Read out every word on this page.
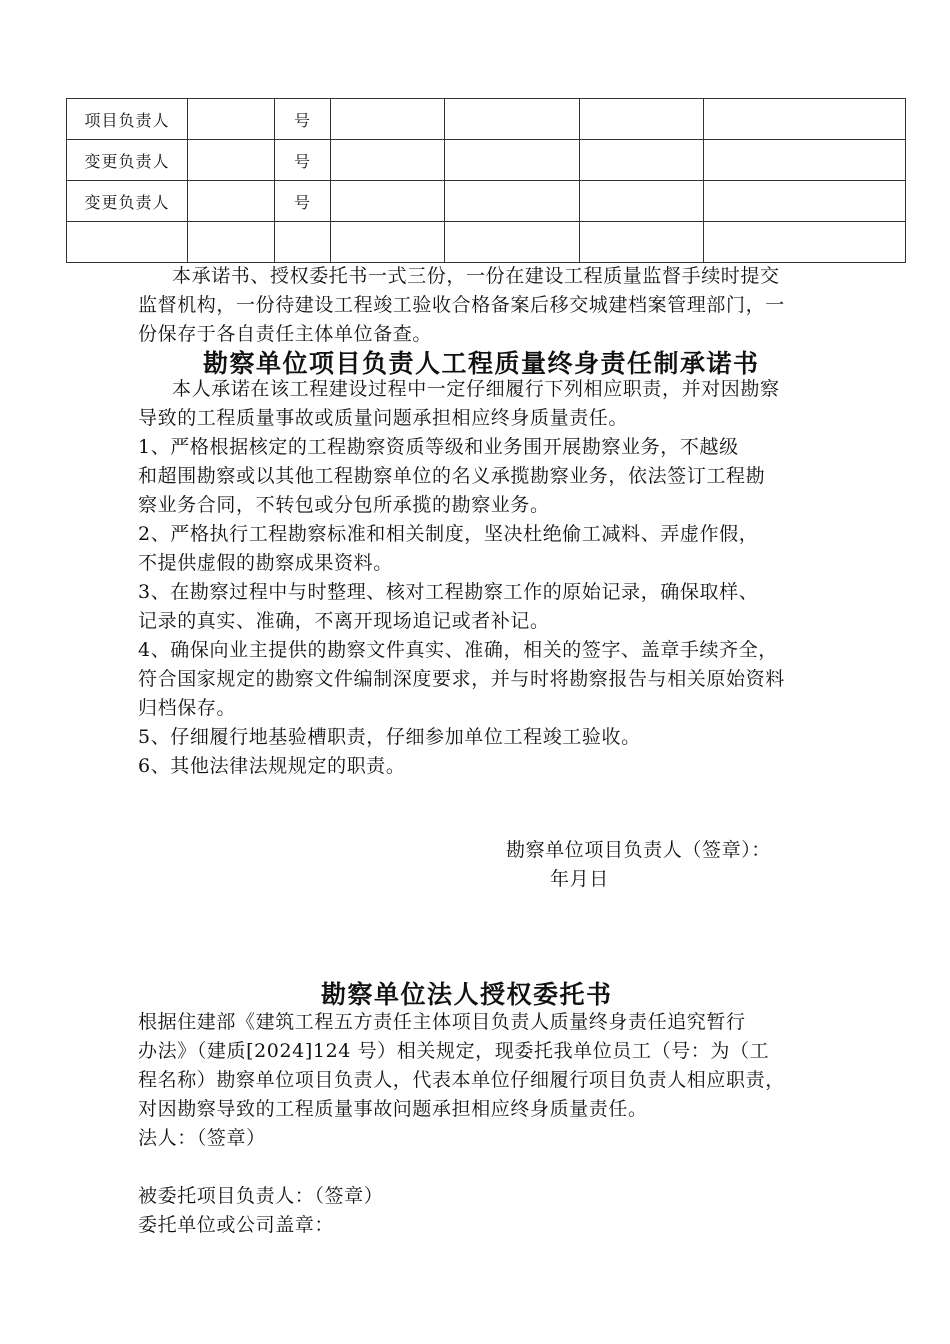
项目负责人		号				
变更负责人		号				
变更负责人		号				

本承诺书、授权委托书一式三份，一份在建设工程质量监督手续时提交
监督机构，一份待建设工程竣工验收合格备案后移交城建档案管理部门，一
份保存于各自责任主体单位备查。
勘察单位项目负责人工程质量终身责任制承诺书
本人承诺在该工程建设过程中一定仔细履行下列相应职责，并对因勘察
导致的工程质量事故或质量问题承担相应终身质量责任。
1、严格根据核定的工程勘察资质等级和业务围开展勘察业务，不越级
和超围勘察或以其他工程勘察单位的名义承揽勘察业务，依法签订工程勘
察业务合同，不转包或分包所承揽的勘察业务。
2、严格执行工程勘察标准和相关制度，坚决杜绝偷工减料、弄虚作假，
不提供虚假的勘察成果资料。
3、在勘察过程中与时整理、核对工程勘察工作的原始记录，确保取样、
记录的真实、准确，不离开现场追记或者补记。
4、确保向业主提供的勘察文件真实、准确，相关的签字、盖章手续齐全，
符合国家规定的勘察文件编制深度要求，并与时将勘察报告与相关原始资料
归档保存。
5、仔细履行地基验槽职责，仔细参加单位工程竣工验收。
6、其他法律法规规定的职责。
勘察单位项目负责人（签章）：
年月日
勘察单位法人授权委托书
根据住建部《建筑工程五方责任主体项目负责人质量终身责任追究暂行
办法》（建质[2024]124 号）相关规定，现委托我单位员工（号：为（工
程名称）勘察单位项目负责人，代表本单位仔细履行项目负责人相应职责，
对因勘察导致的工程质量事故问题承担相应终身质量责任。
法人：（签章）
被委托项目负责人：（签章）
委托单位或公司盖章：
